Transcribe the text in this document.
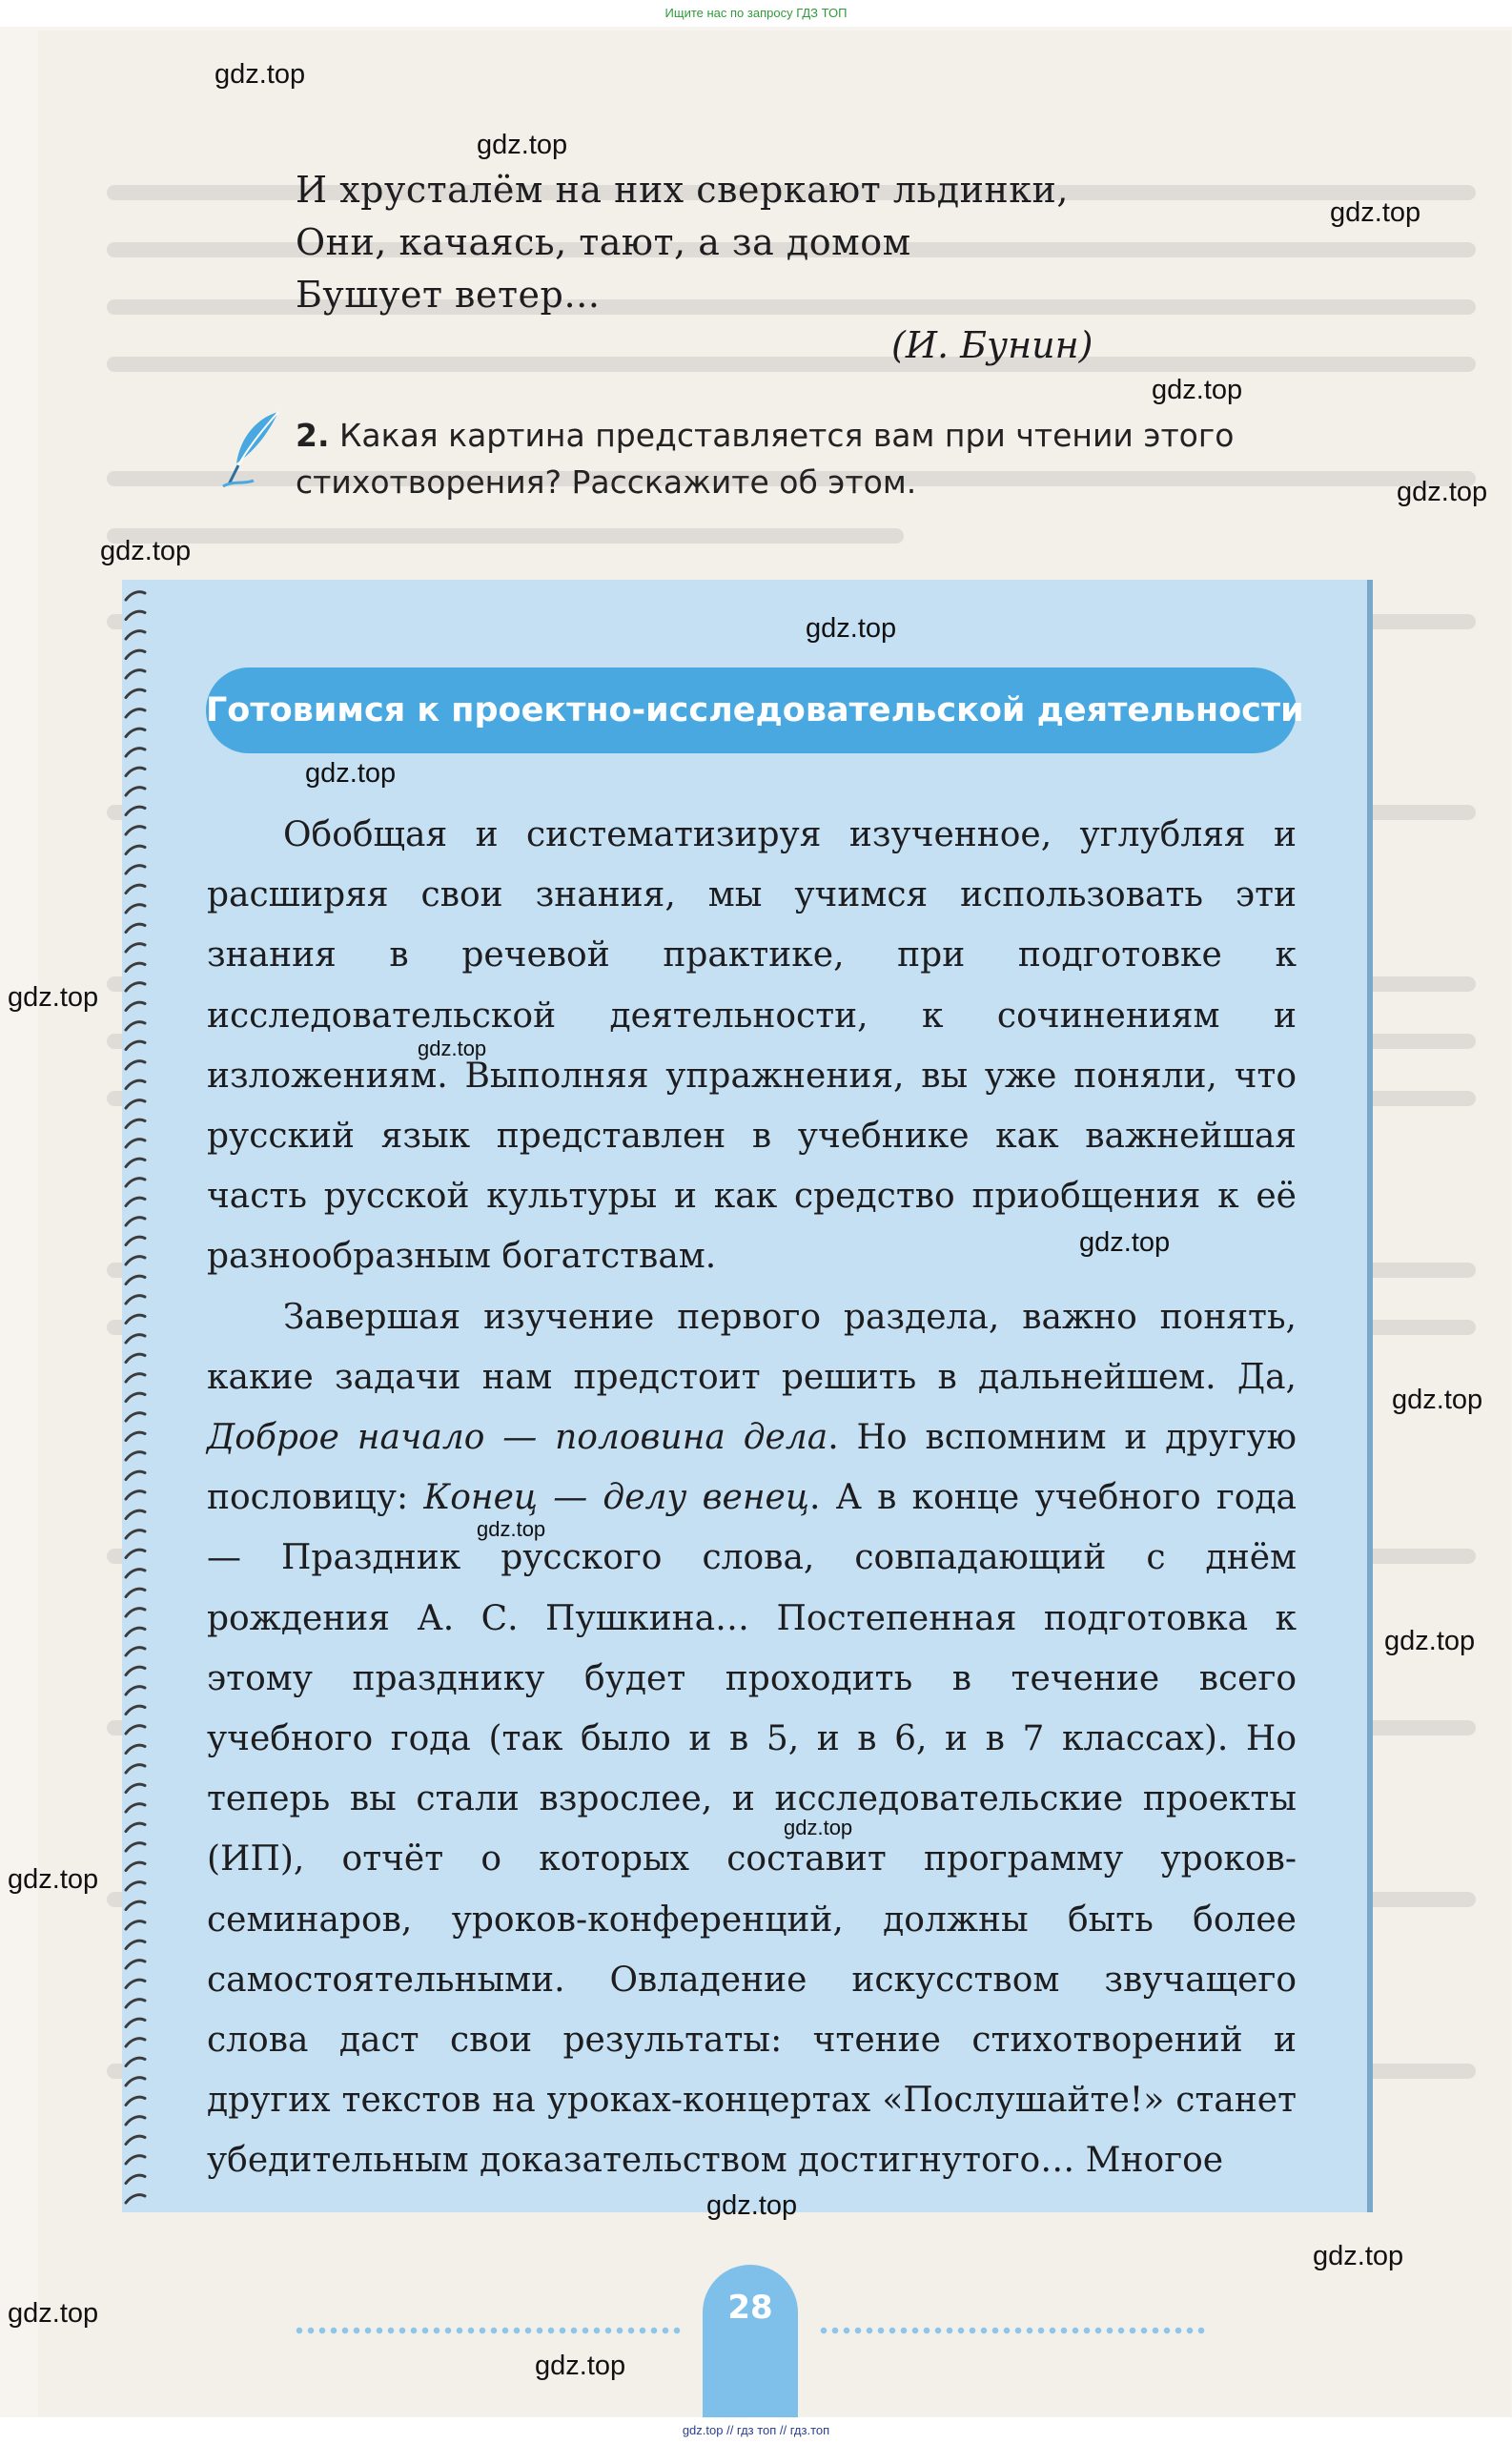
Ищите нас по запросу ГДЗ ТОП
И хрусталём на них сверкают льдинки,
Они, качаясь, тают, а за домом
Бушует ветер…
(И. Бунин)
2. Какая картина представляется вам при чтении этого стихотворения? Расскажите об этом.
Готовимся к проектно-исследовательской деятельности

Обобщая и систематизируя изученное, углубляя и расширяя свои знания, мы учимся использовать эти знания в речевой практике, при подготовке к исследовательской деятельности, к сочинениям и изложениям. Выполняя упражнения, вы уже поняли, что русский язык представлен в учебнике как важнейшая часть русской культуры и как средство приобщения к её разнообразным богатствам.

Завершая изучение первого раздела, важно понять, какие задачи нам предстоит решить в дальнейшем. Да, Доброе начало — половина дела. Но вспомним и другую пословицу: Конец — делу венец. А в конце учебного года — Праздник русского слова, совпадающий с днём рождения А. С. Пушкина… Постепенная подготовка к этому празднику будет проходить в течение всего учебного года (так было и в 5, и в 6, и в 7 классах). Но теперь вы стали взрослее, и исследовательские проекты (ИП), отчёт о которых составит программу уроков-семинаров, уроков-конференций, должны быть более самостоятельными. Овладение искусством звучащего слова даст свои результаты: чтение стихотворений и других текстов на уроках-концертах «Послушайте!» станет убедительным доказательством достигнутого… Многое

28
gdz.top
gdz.top
gdz.top
gdz.top
gdz.top
gdz.top
gdz.top
gdz.top
gdz.top
gdz.top
gdz.top
gdz.top
gdz.top
gdz.top
gdz.top
gdz.top
gdz.top
gdz.top
gdz.top
gdz.top
gdz.top // гдз топ // гдз.топ
